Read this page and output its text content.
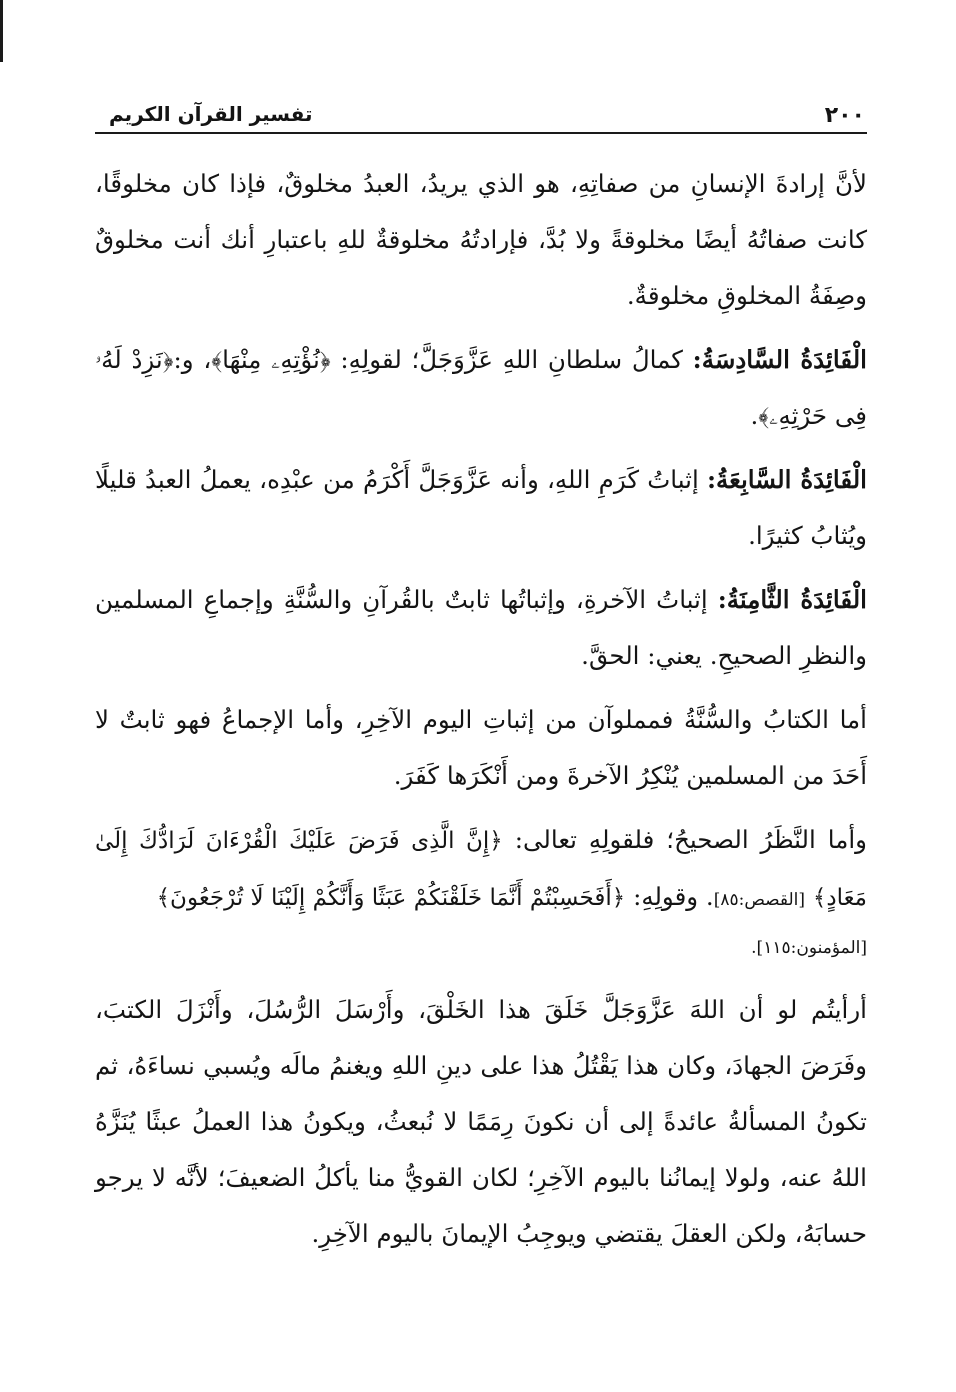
تفسير القرآن الكريم	٢٠٠

لأنَّ إرادةَ الإنسانِ من صفاتِهِ، هو الذي يريدُ، العبدُ مخلوقٌ، فإذا كان مخلوقًا، كانت صفاتُهُ أيضًا مخلوقةً ولا بُدَّ، فإرادتُهُ مخلوقةٌ للهِ باعتبارِ أنك أنت مخلوقٌ وصِفَةُ المخلوقِ مخلوقةٌ.

الْفَائِدَةُ السَّادِسَةُ: كمالُ سلطانِ اللهِ عَزَّوَجَلَّ؛ لقولِهِ: ﴿نُؤْتِهِۦ مِنْهَا﴾، و:﴿نَزِدْ لَهُۥ فِى حَرْثِهِۦ﴾.

الْفَائِدَةُ السَّابِعَةُ: إثباتُ كَرَمِ اللهِ، وأنه عَزَّوَجَلَّ أَكْرَمُ من عبْدِه، يعملُ العبدُ قليلًا ويُثابُ كثيرًا.

الْفَائِدَةُ الثَّامِنَةُ: إثباتُ الآخرةِ، وإثباتُها ثابتٌ بالقُرآنِ والسُّنَّةِ وإجماعِ المسلمين والنظرِ الصحيحِ. يعني: الحقَّ.

أما الكتابُ والسُّنَّةُ فمملوآن من إثباتِ اليوم الآخِرِ، وأما الإجماعُ فهو ثابتٌ لا أَحَدَ من المسلمين يُنْكِرُ الآخرةَ ومن أَنْكَرَها كَفَرَ.

وأما النَّظَرُ الصحيحُ؛ فلقولِهِ تعالى: ﴿إِنَّ الَّذِى فَرَضَ عَلَيْكَ الْقُرْءَانَ لَرَادُّكَ إِلَىٰ مَعَادٍ﴾ [القصص:٨٥]. وقولِهِ: ﴿أَفَحَسِبْتُمْ أَنَّمَا خَلَقْنَكُمْ عَبَثًا وَأَنَّكُمْ إِلَيْنَا لَا تُرْجَعُونَ﴾

[المؤمنون:١١٥].

أرأيتُم لو أن اللهَ عَزَّوَجَلَّ خَلَقَ هذا الخَلْقَ، وأَرْسَلَ الرُّسُلَ، وأَنْزَلَ الكتبَ، وفَرَضَ الجهادَ، وكان هذا يَقْتُلُ هذا على دينِ اللهِ ويغنمُ مالَه ويُسبي نساءَهُ، ثم تكونُ المسألةُ عائدةً إلى أن نكونَ رِمَمًا لا نُبعثُ، ويكونُ هذا العملُ عبثًا يُنَزَّهُ اللهُ عنه، ولولا إيمانُنا باليوم الآخِرِ؛ لكان القويُّ منا يأكلُ الضعيفَ؛ لأنَّه لا يرجو حسابَهُ، ولكن العقلَ يقتضي ويوجِبُ الإيمانَ باليوم الآخِرِ.
